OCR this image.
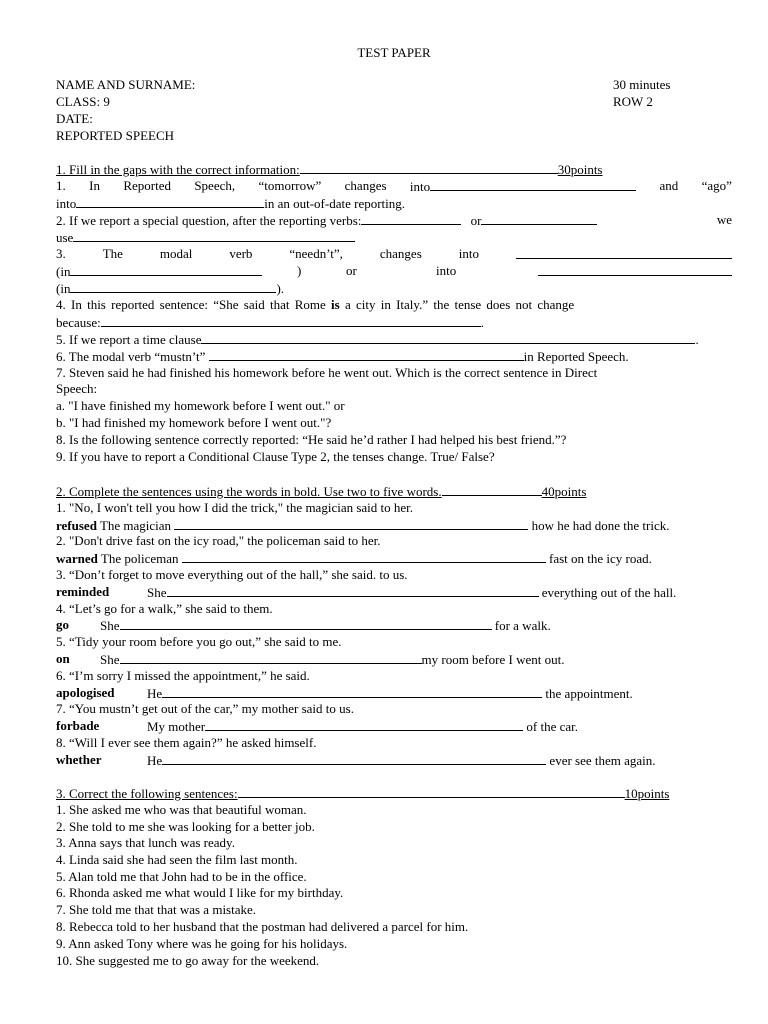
TEST PAPER
NAME AND SURNAME:	30 minutes
CLASS: 9	ROW 2
DATE:
REPORTED SPEECH
1. Fill in the gaps with the correct information:	30points
1. In Reported Speech, “tomorrow” changes into	and “ago”
into	in an out-of-date reporting.
2. If we report a special question, after the reporting verbs:	or	we
use
3.	The	modal	verb	“needn’t”,	changes	into
(in	)	or	into
(in	).
4. In this reported sentence: “She said that Rome is a city in Italy.” the tense does not change
because:	.
5. If we report a time clause	.
6. The modal verb “mustn’t”	in Reported Speech.
7. Steven said he had finished his homework before he went out. Which is the correct sentence in Direct
Speech:
a. "I have finished my homework before I went out." or
b. "I had finished my homework before I went out."?
8. Is the following sentence correctly reported: “He said he’d rather I had helped his best friend.”?
9. If you have to report a Conditional Clause Type 2, the tenses change. True/ False?
2. Complete the sentences using the words in bold. Use two to five words.	40points
1. "No, I won't tell you how I did the trick," the magician said to her.
refused The magician	how he had done the trick.
2. "Don't drive fast on the icy road," the policeman said to her.
warned The policeman	fast on the icy road.
3. “Don’t forget to move everything out of the hall,” she said. to us.
reminded	She	everything out of the hall.
4. “Let’s go for a walk,” she said to them.
go She	for a walk.
5. “Tidy your room before you go out,” she said to me.
on She	my room before I went out.
6. “I’m sorry I missed the appointment,” he said.
apologised He	the appointment.
7. “You mustn’t get out of the car,” my mother said to us.
forbade	My mother	of the car.
8. “Will I ever see them again?” he asked himself.
whether	He	ever see them again.
3. Correct the following sentences:	10points
1. She asked me who was that beautiful woman.
2. She told to me she was looking for a better job.
3. Anna says that lunch was ready.
4. Linda said she had seen the film last month.
5. Alan told me that John had to be in the office.
6. Rhonda asked me what would I like for my birthday.
7. She told me that that was a mistake.
8. Rebecca told to her husband that the postman had delivered a parcel for him.
9. Ann asked Tony where was he going for his holidays.
10. She suggested me to go away for the weekend.
